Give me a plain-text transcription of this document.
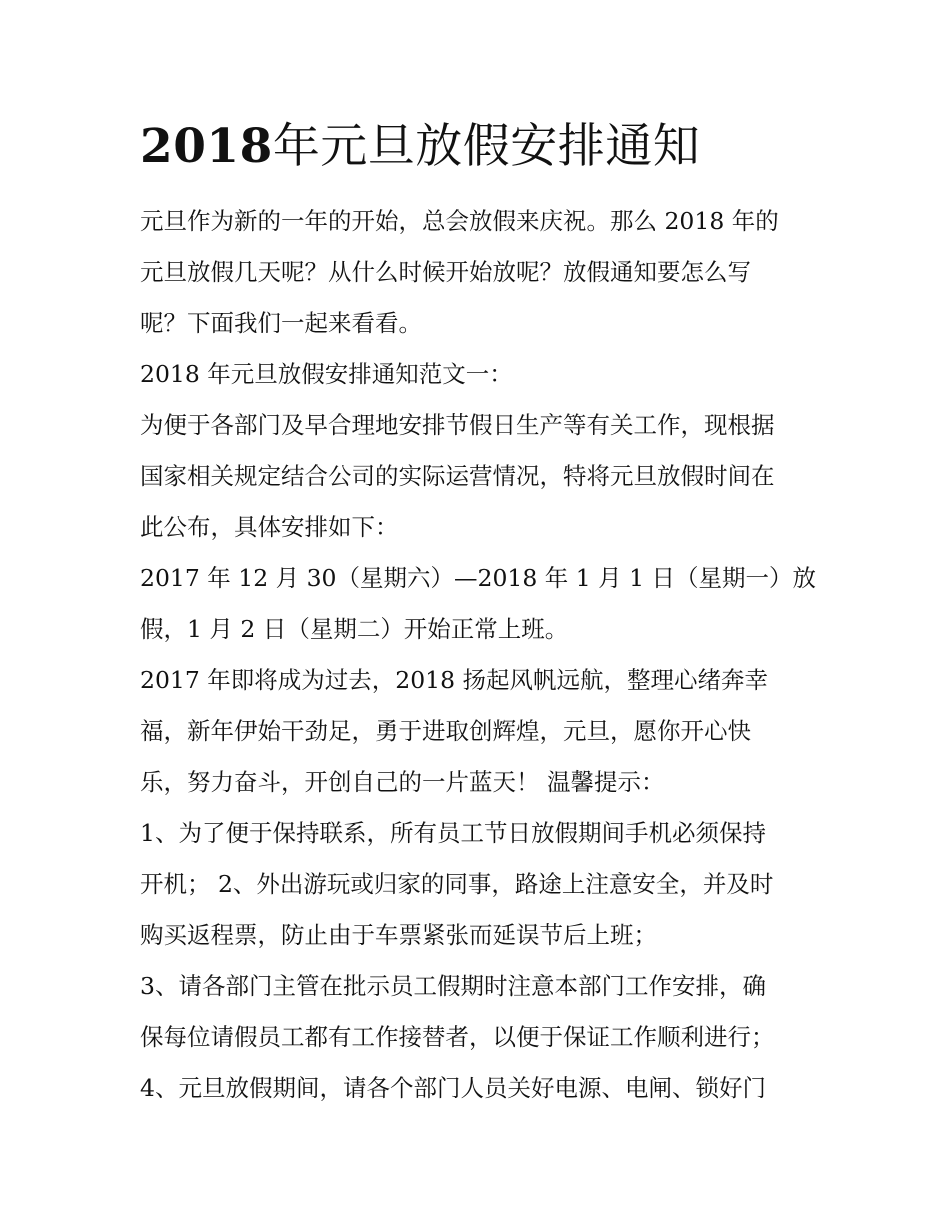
2018年元旦放假安排通知
元旦作为新的一年的开始，总会放假来庆祝。那么 2018 年的
元旦放假几天呢？从什么时候开始放呢？放假通知要怎么写
呢？下面我们一起来看看。
2018 年元旦放假安排通知范文一：
为便于各部门及早合理地安排节假日生产等有关工作，现根据
国家相关规定结合公司的实际运营情况，特将元旦放假时间在
此公布，具体安排如下：
2017 年 12 月 30（星期六）—2018 年 1 月 1 日（星期一）放
假，1 月 2 日（星期二）开始正常上班。
2017 年即将成为过去，2018 扬起风帆远航，整理心绪奔幸
福，新年伊始干劲足，勇于进取创辉煌，元旦，愿你开心快
乐，努力奋斗，开创自己的一片蓝天！ 温馨提示：
1、为了便于保持联系，所有员工节日放假期间手机必须保持
开机； 2、外出游玩或归家的同事，路途上注意安全，并及时
购买返程票，防止由于车票紧张而延误节后上班；
3、请各部门主管在批示员工假期时注意本部门工作安排，确
保每位请假员工都有工作接替者，以便于保证工作顺利进行；
4、元旦放假期间，请各个部门人员关好电源、电闸、锁好门
